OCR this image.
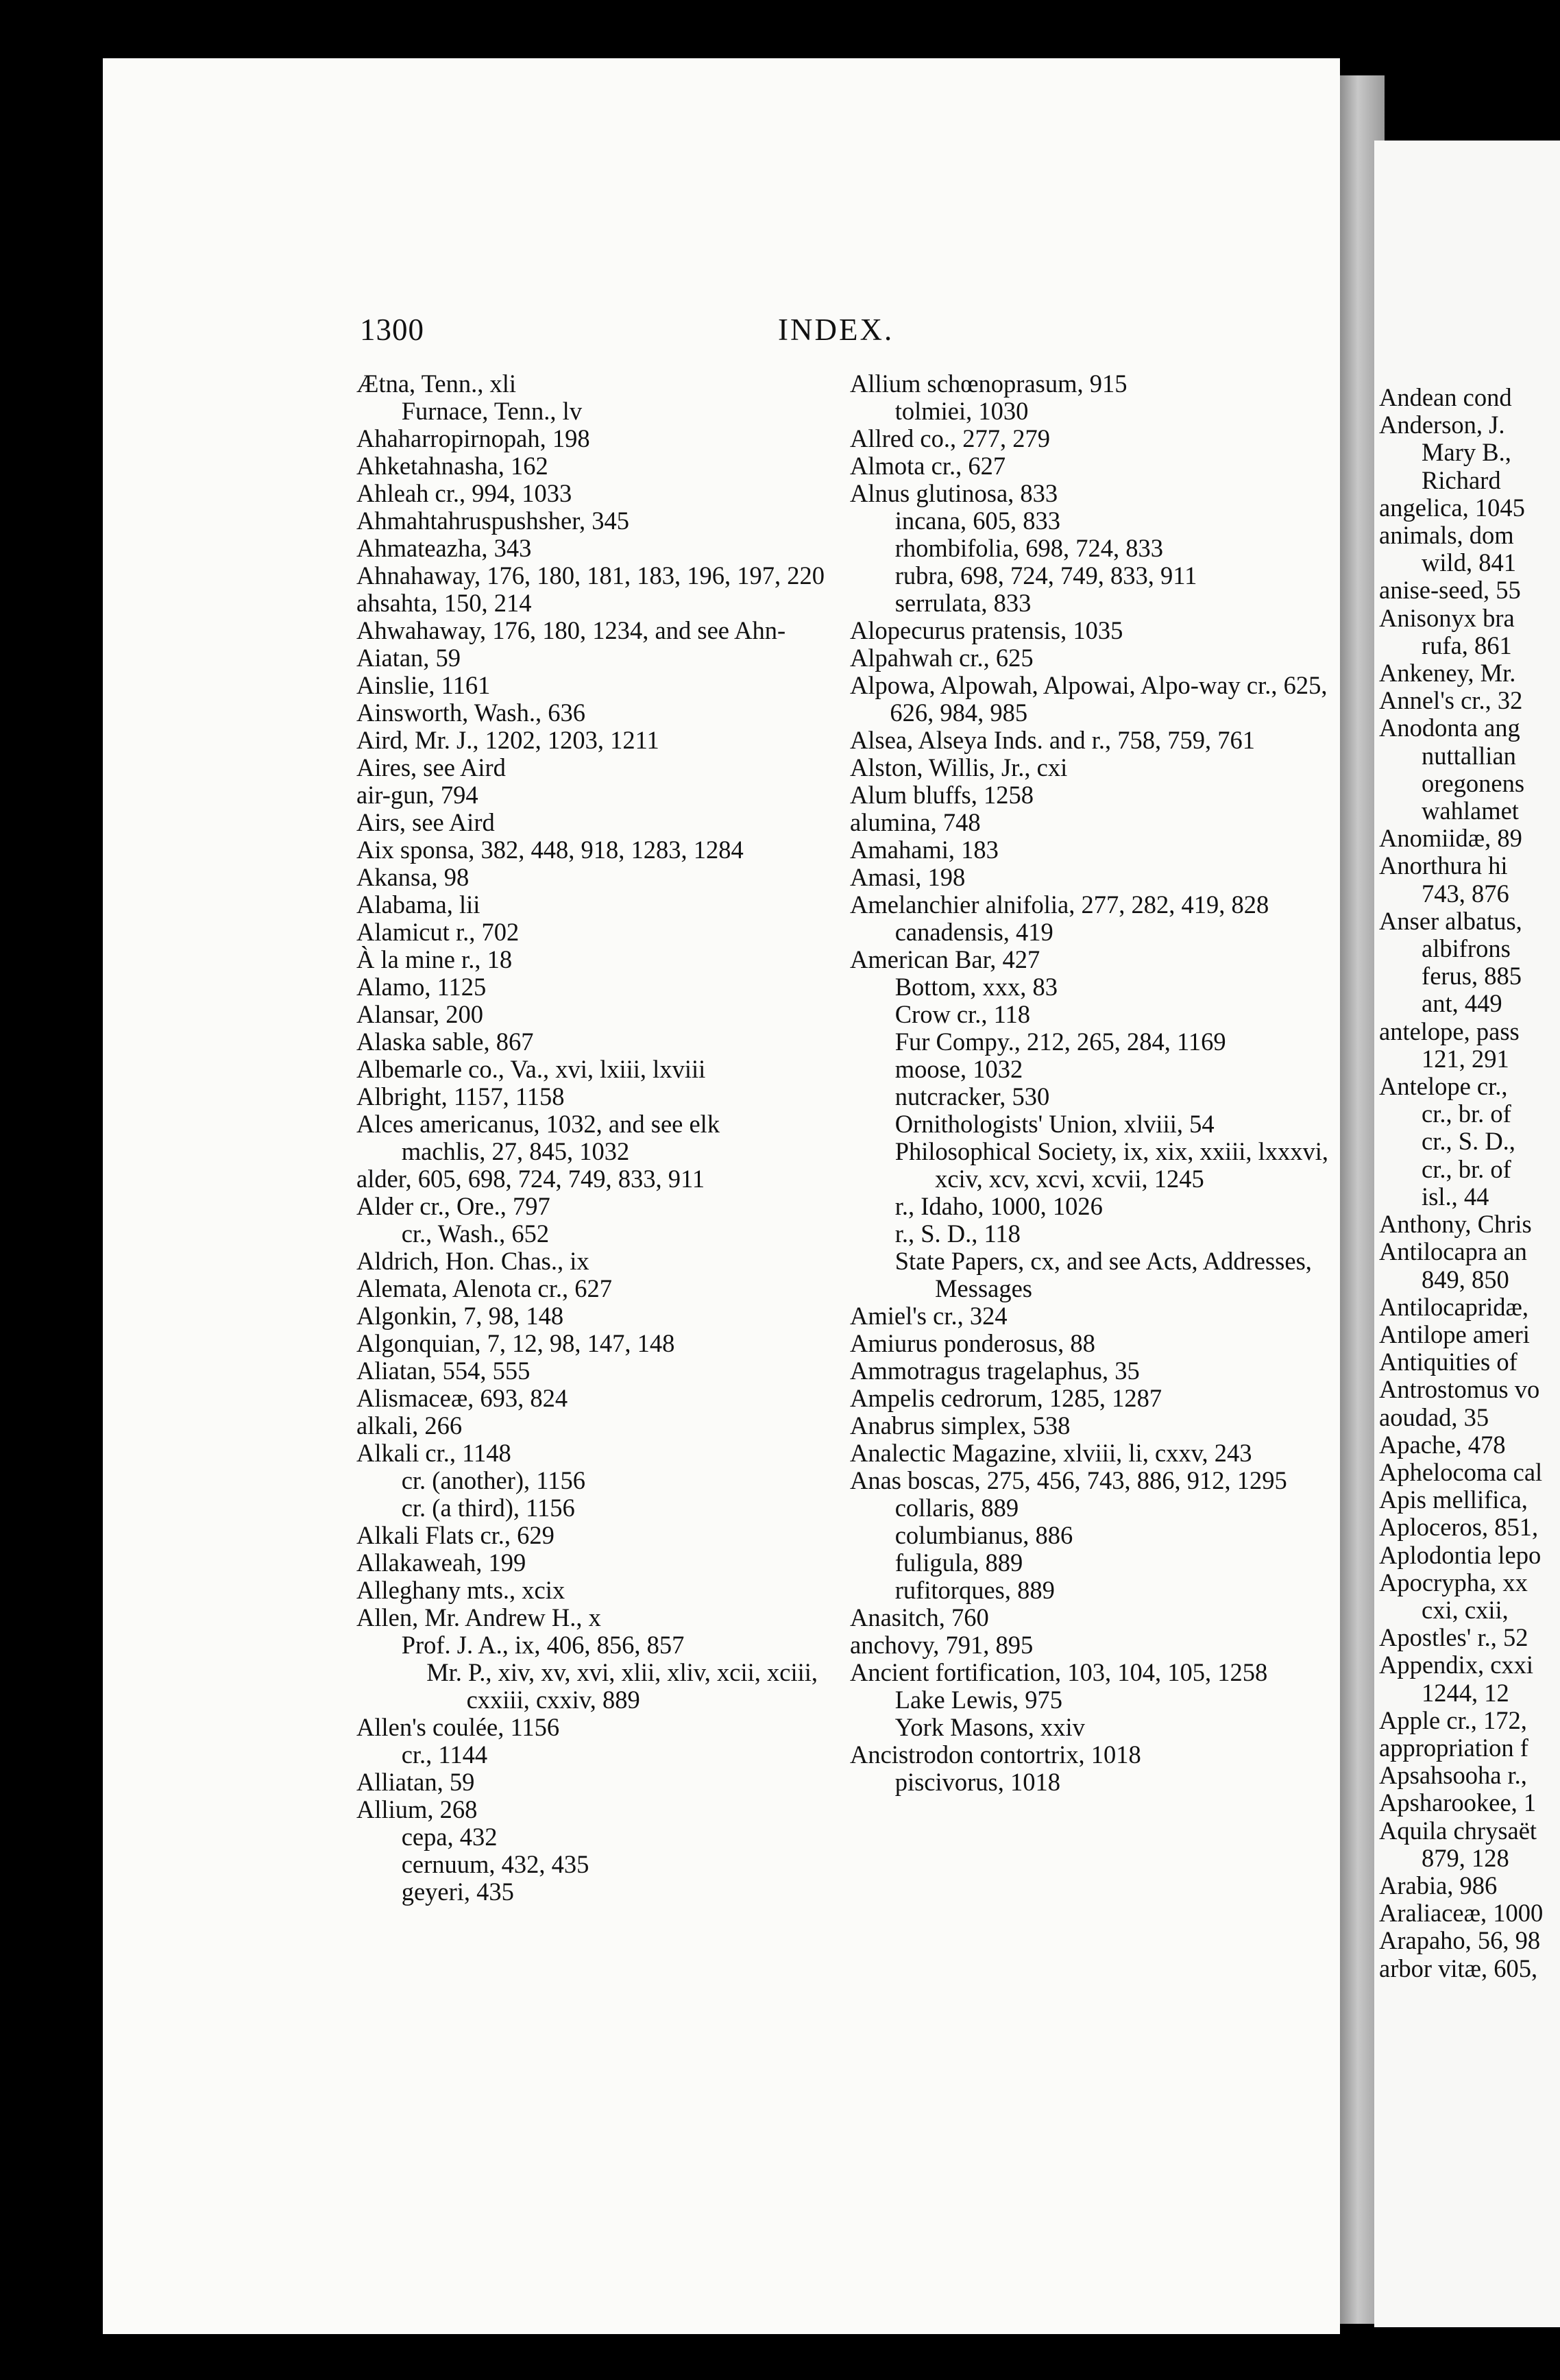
1300	INDEX.
Ætna, Tenn., xli
Furnace, Tenn., lv
Ahaharropirnopah, 198
Ahketahnasha, 162
Ahleah cr., 994, 1033
Ahmahtahruspushsher, 345
Ahmateazha, 343
Ahnahaway, 176, 180, 181, 183, 196, 197, 220
ahsahta, 150, 214
Ahwahaway, 176, 180, 1234, and see Ahn-
Aiatan, 59
Ainslie, 1161
Ainsworth, Wash., 636
Aird, Mr. J., 1202, 1203, 1211
Aires, see Aird
air-gun, 794
Airs, see Aird
Aix sponsa, 382, 448, 918, 1283, 1284
Akansa, 98
Alabama, lii
Alamicut r., 702
À la mine r., 18
Alamo, 1125
Alansar, 200
Alaska sable, 867
Albemarle co., Va., xvi, lxiii, lxviii
Albright, 1157, 1158
Alces americanus, 1032, and see elk
machlis, 27, 845, 1032
alder, 605, 698, 724, 749, 833, 911
Alder cr., Ore., 797
cr., Wash., 652
Aldrich, Hon. Chas., ix
Alemata, Alenota cr., 627
Algonkin, 7, 98, 148
Algonquian, 7, 12, 98, 147, 148
Aliatan, 554, 555
Alismaceæ, 693, 824
alkali, 266
Alkali cr., 1148
cr. (another), 1156
cr. (a third), 1156
Alkali Flats cr., 629
Allakaweah, 199
Alleghany mts., xcix
Allen, Mr. Andrew H., x
Prof. J. A., ix, 406, 856, 857
Mr. P., xiv, xv, xvi, xlii, xliv, xcii, xciii, cxxiii, cxxiv, 889
Allen's coulée, 1156
cr., 1144
Alliatan, 59
Allium, 268
cepa, 432
cernuum, 432, 435
geyeri, 435
Allium schœnoprasum, 915
tolmiei, 1030
Allred co., 277, 279
Almota cr., 627
Alnus glutinosa, 833
incana, 605, 833
rhombifolia, 698, 724, 833
rubra, 698, 724, 749, 833, 911
serrulata, 833
Alopecurus pratensis, 1035
Alpahwah cr., 625
Alpowa, Alpowah, Alpowai, Alpo-way cr., 625, 626, 984, 985
Alsea, Alseya Inds. and r., 758, 759, 761
Alston, Willis, Jr., cxi
Alum bluffs, 1258
alumina, 748
Amahami, 183
Amasi, 198
Amelanchier alnifolia, 277, 282, 419, 828
canadensis, 419
American Bar, 427
Bottom, xxx, 83
Crow cr., 118
Fur Compy., 212, 265, 284, 1169
moose, 1032
nutcracker, 530
Ornithologists' Union, xlviii, 54
Philosophical Society, ix, xix, xxiii, lxxxvi, xciv, xcv, xcvi, xcvii, 1245
r., Idaho, 1000, 1026
r., S. D., 118
State Papers, cx, and see Acts, Addresses, Messages
Amiel's cr., 324
Amiurus ponderosus, 88
Ammotragus tragelaphus, 35
Ampelis cedrorum, 1285, 1287
Anabrus simplex, 538
Analectic Magazine, xlviii, li, cxxv, 243
Anas boscas, 275, 456, 743, 886, 912, 1295
collaris, 889
columbianus, 886
fuligula, 889
rufitorques, 889
Anasitch, 760
anchovy, 791, 895
Ancient fortification, 103, 104, 105, 1258
Lake Lewis, 975
York Masons, xxiv
Ancistrodon contortrix, 1018
piscivorus, 1018
Andean cond
Anderson, J.
Mary B.,
Richard
angelica, 1045
animals, dom
wild, 841
anise-seed, 55
Anisonyx bra
rufa, 861
Ankeney, Mr.
Annel's cr., 32
Anodonta ang
nuttallian
oregonens
wahlamet
Anomiidæ, 89
Anorthura hi
743, 876
Anser albatus,
albifrons
ferus, 885
ant, 449
antelope, pass
121, 291
Antelope cr.,
cr., br. of
cr., S. D.,
cr., br. of
isl., 44
Anthony, Chris
Antilocapra an
849, 850
Antilocapridæ,
Antilope ameri
Antiquities of
Antrostomus vo
aoudad, 35
Apache, 478
Aphelocoma cal
Apis mellifica,
Aploceros, 851,
Aplodontia lepo
Apocrypha, xx
cxi, cxii,
Apostles' r., 52
Appendix, cxxi
1244, 12
Apple cr., 172,
appropriation f
Apsahsooha r.,
Apsharookee, 1
Aquila chrysaët
879, 128
Arabia, 986
Araliaceæ, 1000
Arapaho, 56, 98
arbor vitæ, 605,
